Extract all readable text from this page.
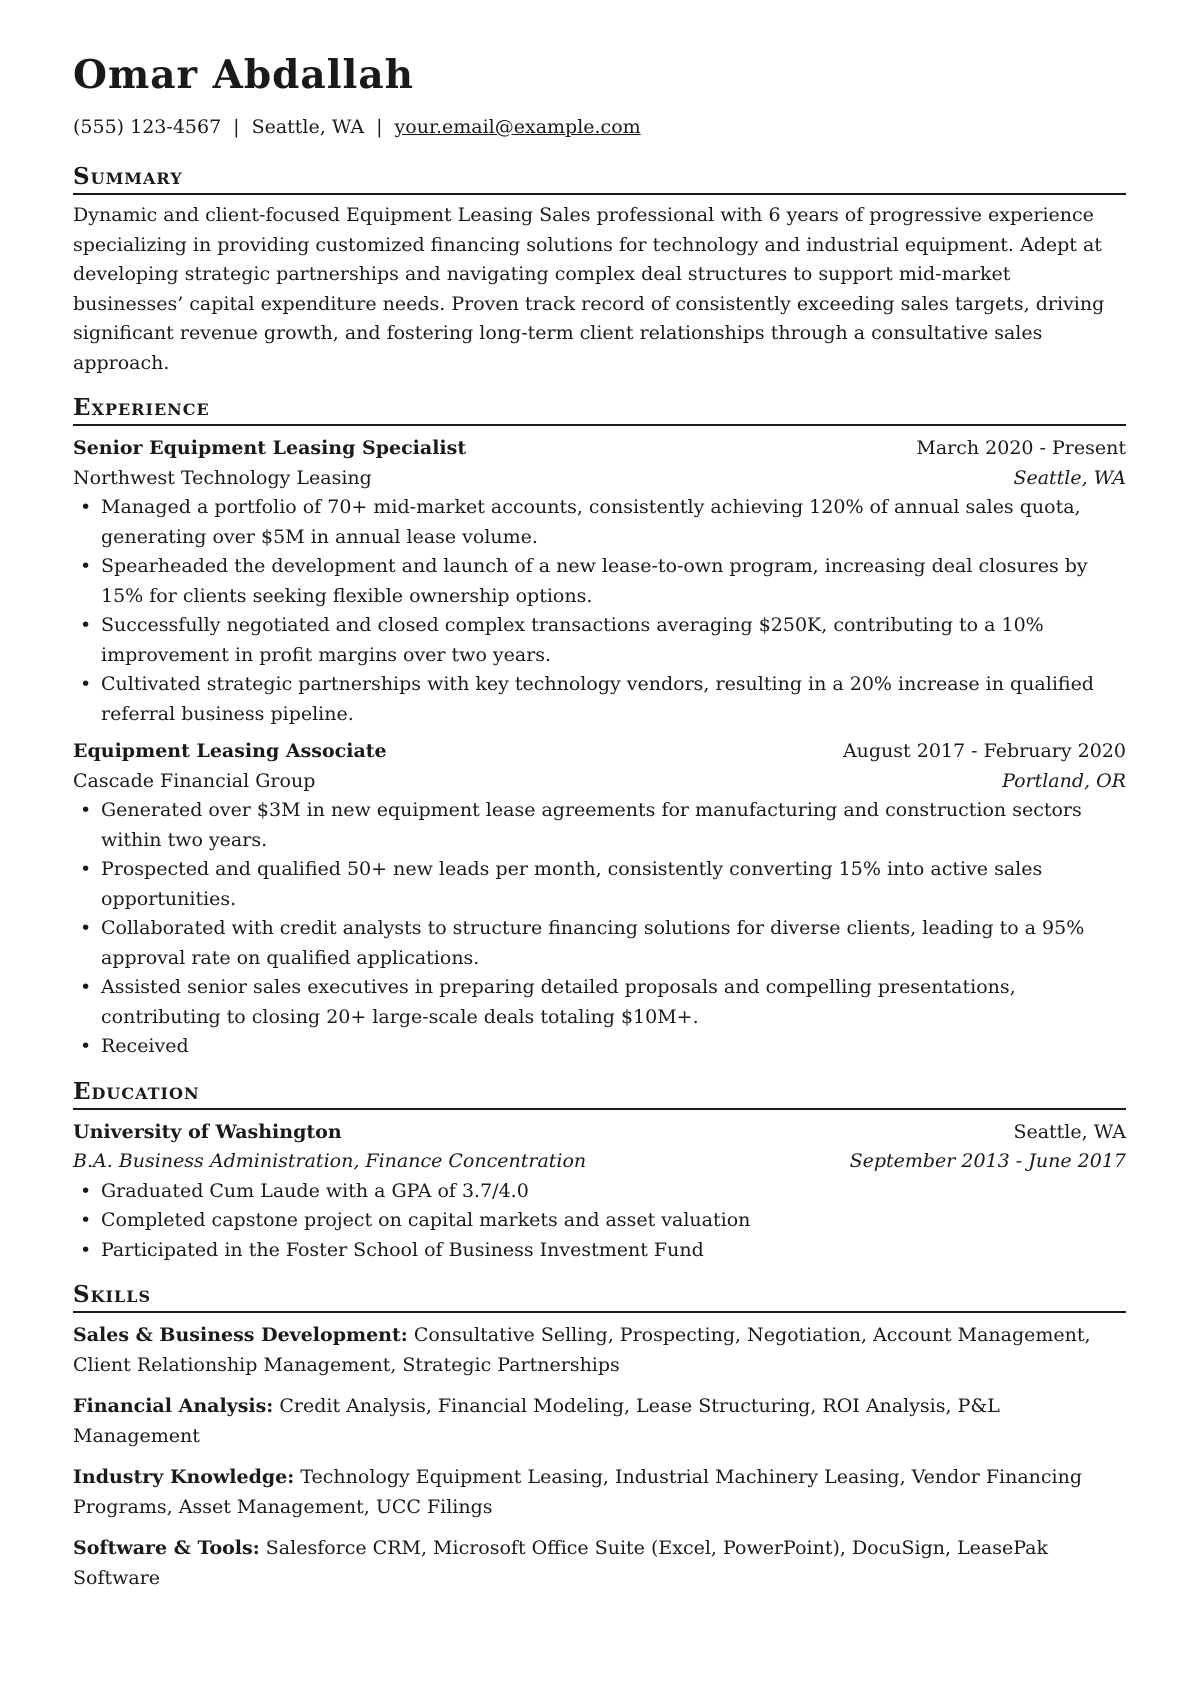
Omar Abdallah
(555) 123-4567 | Seattle, WA | your.email@example.com
Summary

Dynamic and client-focused Equipment Leasing Sales professional with 6 years of progressive experience specializing in providing customized financing solutions for technology and industrial equipment. Adept at developing strategic partnerships and navigating complex deal structures to support mid-market businesses’ capital expenditure needs. Proven track record of consistently exceeding sales targets, driving significant revenue growth, and fostering long-term client relationships through a consultative sales approach.

Experience
Senior Equipment Leasing Specialist	March 2020 - Present
Northwest Technology Leasing	Seattle, WA
• Managed a portfolio of 70+ mid-market accounts, consistently achieving 120% of annual sales quota, generating over $5M in annual lease volume.
• Spearheaded the development and launch of a new lease-to-own program, increasing deal closures by 15% for clients seeking flexible ownership options.
• Successfully negotiated and closed complex transactions averaging $250K, contributing to a 10% improvement in profit margins over two years.
• Cultivated strategic partnerships with key technology vendors, resulting in a 20% increase in qualified referral business pipeline.
Equipment Leasing Associate	August 2017 - February 2020
Cascade Financial Group	Portland, OR
• Generated over $3M in new equipment lease agreements for manufacturing and construction sectors within two years.
• Prospected and qualified 50+ new leads per month, consistently converting 15% into active sales opportunities.
• Collaborated with credit analysts to structure financing solutions for diverse clients, leading to a 95% approval rate on qualified applications.
• Assisted senior sales executives in preparing detailed proposals and compelling presentations, contributing to closing 20+ large-scale deals totaling $10M+.
• Received
Education
University of Washington	Seattle, WA
B.A. Business Administration, Finance Concentration	September 2013 - June 2017
• Graduated Cum Laude with a GPA of 3.7/4.0
• Completed capstone project on capital markets and asset valuation
• Participated in the Foster School of Business Investment Fund
Skills

Sales & Business Development: Consultative Selling, Prospecting, Negotiation, Account Management, Client Relationship Management, Strategic Partnerships

Financial Analysis: Credit Analysis, Financial Modeling, Lease Structuring, ROI Analysis, P&L Management

Industry Knowledge: Technology Equipment Leasing, Industrial Machinery Leasing, Vendor Financing Programs, Asset Management, UCC Filings

Software & Tools: Salesforce CRM, Microsoft Office Suite (Excel, PowerPoint), DocuSign, LeasePak Software
